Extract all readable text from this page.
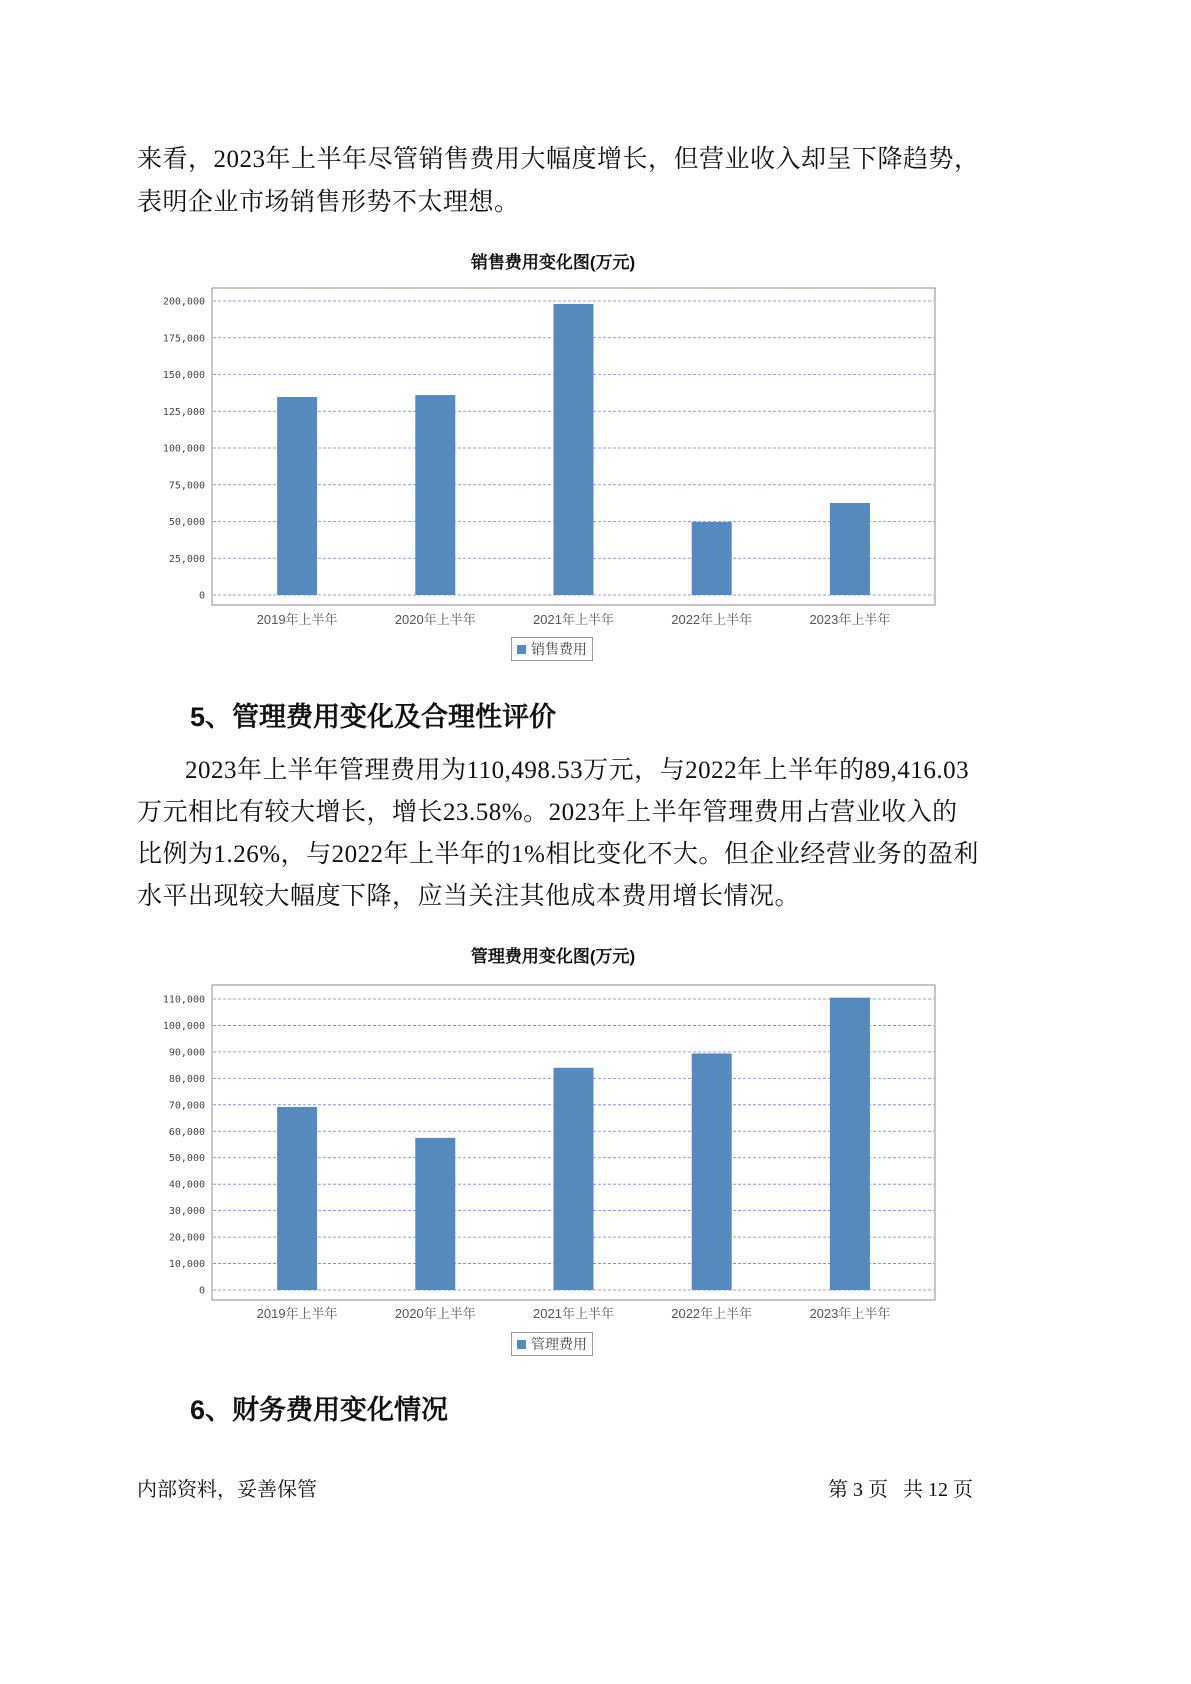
来看，2023年上半年尽管销售费用大幅度增长，但营业收入却呈下降趋势，
表明企业市场销售形势不太理想。
销售费用变化图(万元)
0
25,000
50,000
75,000
100,000
125,000
150,000
175,000
200,000
2019年上半年	2020年上半年	2021年上半年	2022年上半年	2023年上半年
销售费用
5、管理费用变化及合理性评价
2023年上半年管理费用为110,498.53万元，与2022年上半年的89,416.03
万元相比有较大增长，增长23.58%。2023年上半年管理费用占营业收入的
比例为1.26%，与2022年上半年的1%相比变化不大。但企业经营业务的盈利
水平出现较大幅度下降，应当关注其他成本费用增长情况。
管理费用变化图(万元)
0
10,000
20,000
30,000
40,000
50,000
60,000
70,000
80,000
90,000
100,000
110,000
2019年上半年	2020年上半年	2021年上半年	2022年上半年	2023年上半年
管理费用
6、财务费用变化情况
内部资料，妥善保管	第 3 页   共 12 页
